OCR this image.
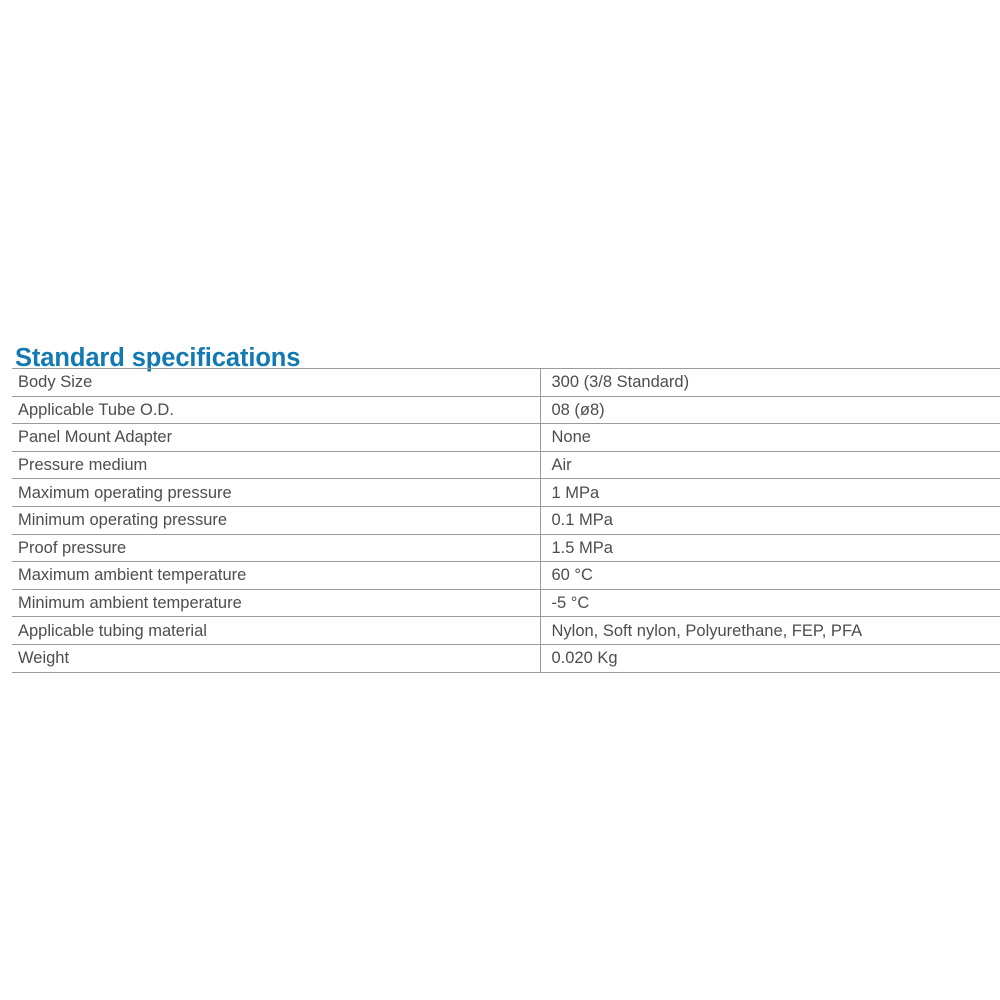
Standard specifications
Body Size	300 (3/8 Standard)
Applicable Tube O.D.	08 (ø8)
Panel Mount Adapter	None
Pressure medium	Air
Maximum operating pressure	1 MPa
Minimum operating pressure	0.1 MPa
Proof pressure	1.5 MPa
Maximum ambient temperature	60 °C
Minimum ambient temperature	-5 °C
Applicable tubing material	Nylon, Soft nylon, Polyurethane, FEP, PFA
Weight	0.020 Kg
